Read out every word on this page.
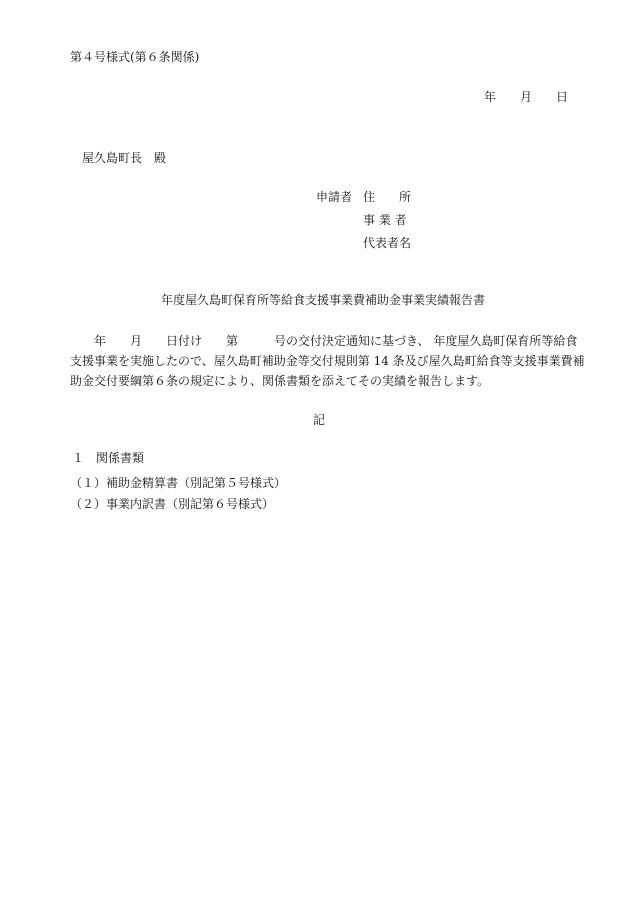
第４号様式(第６条関係)

年　　月　　日

屋久島町長　殿

申請者 住　　所
事 業 者
代表者名

年度屋久島町保育所等給食支援事業費補助金事業実績報告書

　　年　　月　　日付け　　第　　　号の交付決定通知に基づき、 年度屋久島町保育所等給食
支援事業を実施したので、屋久島町補助金等交付規則第 14 条及び屋久島町給食等支援事業費補
助金交付要綱第６条の規定により、関係書類を添えてその実績を報告します。

記

１　関係書類

（１）補助金精算書（別記第５号様式）
（２）事業内訳書（別記第６号様式）
